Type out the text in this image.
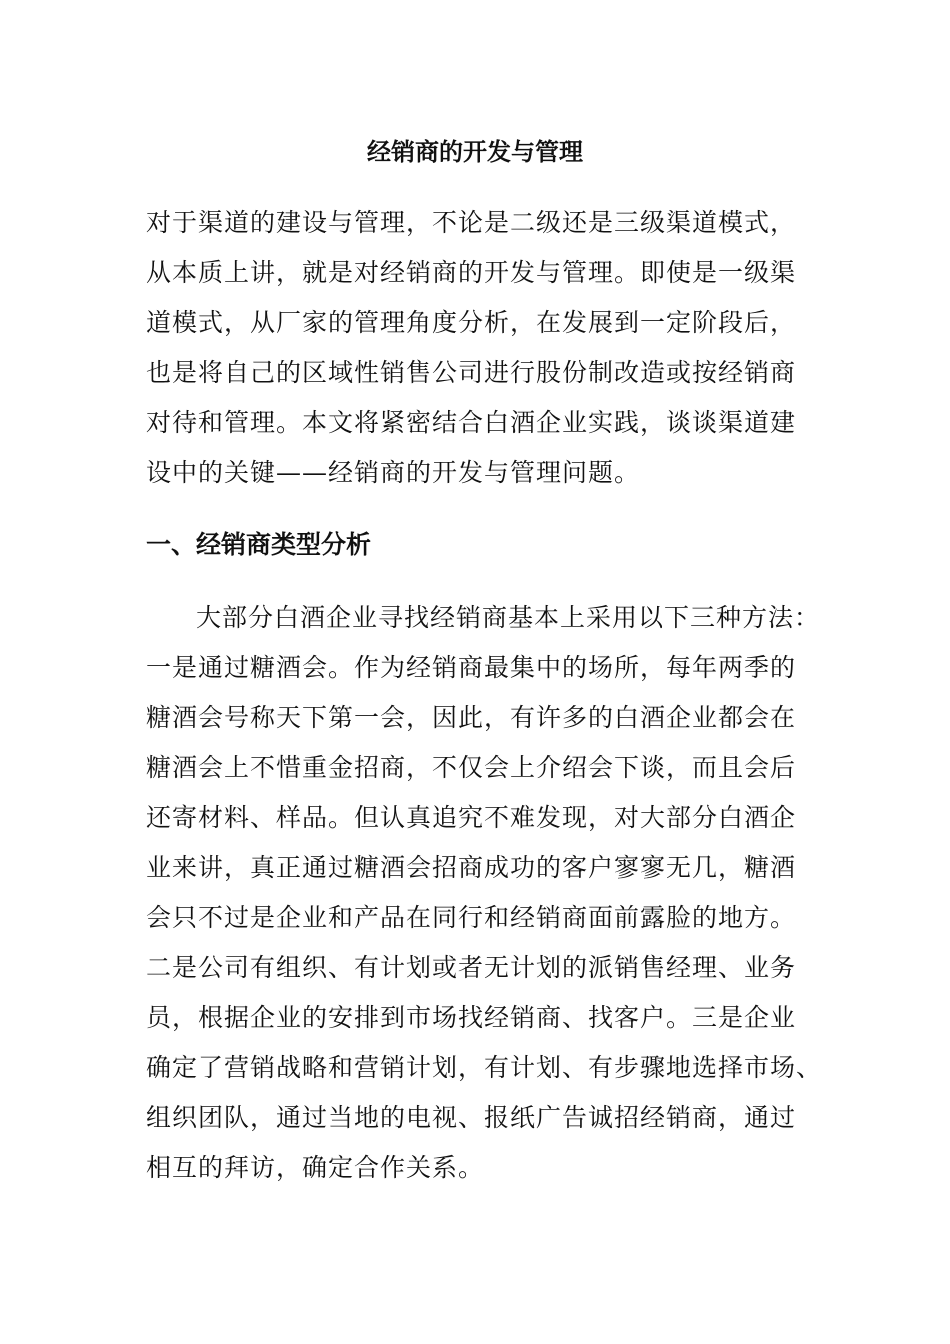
经销商的开发与管理
对于渠道的建设与管理，不论是二级还是三级渠道模式，
从本质上讲，就是对经销商的开发与管理。即使是一级渠
道模式，从厂家的管理角度分析，在发展到一定阶段后，
也是将自己的区域性销售公司进行股份制改造或按经销商
对待和管理。本文将紧密结合白酒企业实践，谈谈渠道建
设中的关键——经销商的开发与管理问题。
一、经销商类型分析
大部分白酒企业寻找经销商基本上采用以下三种方法：
一是通过糖酒会。作为经销商最集中的场所，每年两季的
糖酒会号称天下第一会，因此，有许多的白酒企业都会在
糖酒会上不惜重金招商，不仅会上介绍会下谈，而且会后
还寄材料、样品。但认真追究不难发现，对大部分白酒企
业来讲，真正通过糖酒会招商成功的客户寥寥无几，糖酒
会只不过是企业和产品在同行和经销商面前露脸的地方。
二是公司有组织、有计划或者无计划的派销售经理、业务
员，根据企业的安排到市场找经销商、找客户。三是企业
确定了营销战略和营销计划，有计划、有步骤地选择市场、
组织团队，通过当地的电视、报纸广告诚招经销商，通过
相互的拜访，确定合作关系。
